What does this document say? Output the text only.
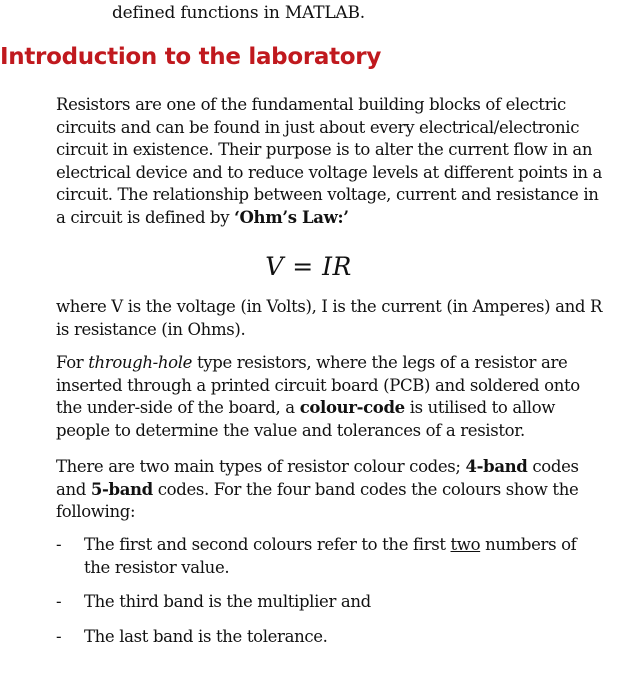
defined functions in MATLAB.
Introduction to the laboratory
Resistors are one of the fundamental building blocks of electric circuits and can be found in just about every electrical/electronic circuit in existence. Their purpose is to alter the current flow in an electrical device and to reduce voltage levels at different points in a circuit. The relationship between voltage, current and resistance in a circuit is defined by ‘Ohm’s Law:’
V = IR
where V is the voltage (in Volts), I is the current (in Amperes) and R is resistance (in Ohms).
For through-hole type resistors, where the legs of a resistor are inserted through a printed circuit board (PCB) and soldered onto the under-side of the board, a colour-code is utilised to allow people to determine the value and tolerances of a resistor.
There are two main types of resistor colour codes; 4-band codes and 5-band codes. For the four band codes the colours show the following:
- The first and second colours refer to the first two numbers of the resistor value.
- The third band is the multiplier and
- The last band is the tolerance.
